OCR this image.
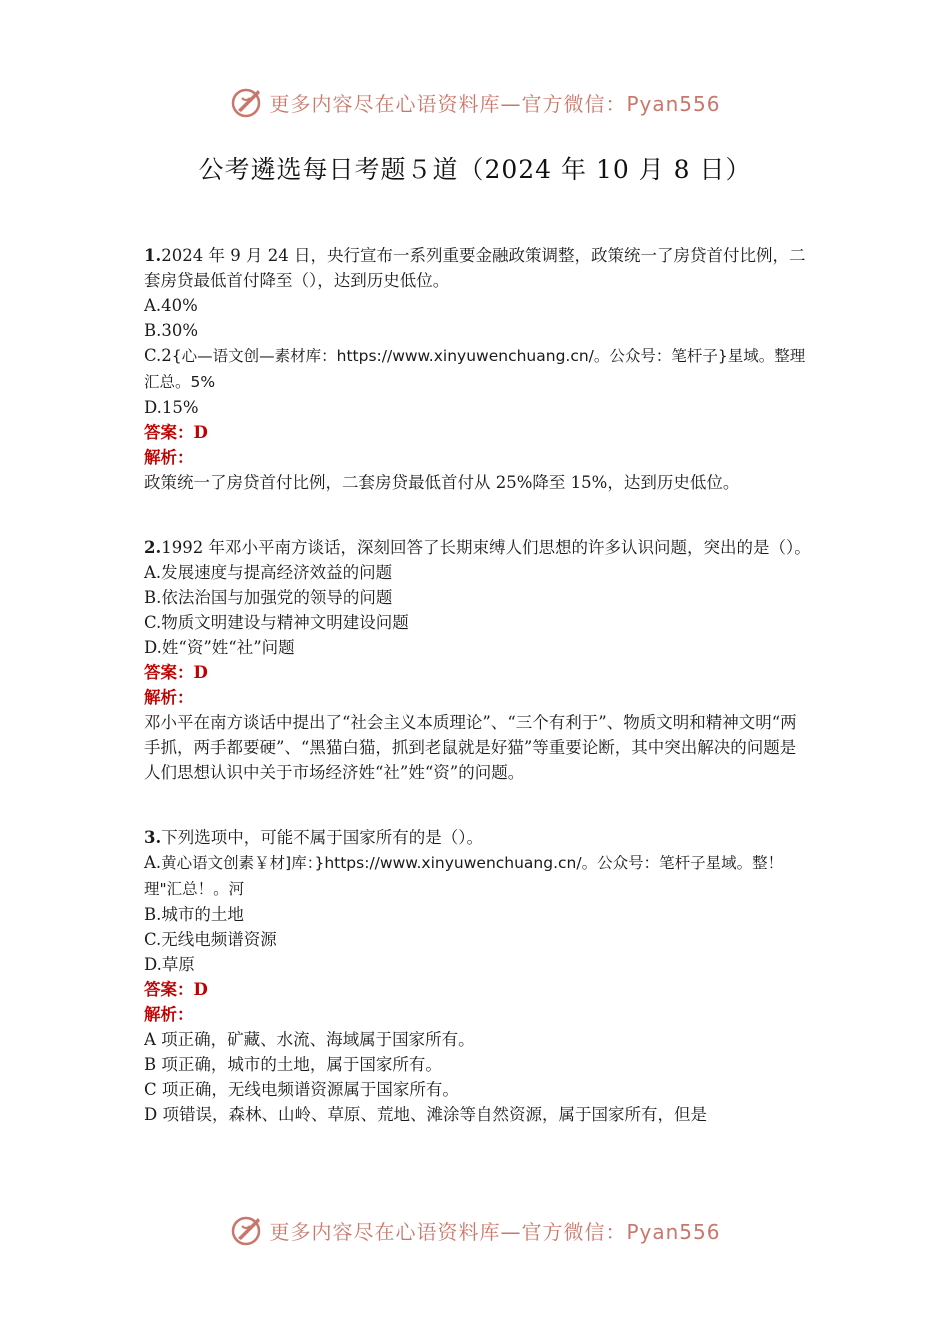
更多内容尽在心语资料库—官方微信：Pyan556
公考遴选每日考题５道（2024 年 10 月 8 日）

1.2024 年 9 月 24 日，央行宣布一系列重要金融政策调整，政策统一了房贷首付比例，二套房贷最低首付降至（），达到历史低位。

A.40%

B.30%

C.2{心—语文创—素材库：https://www.xinyuwenchuang.cn/。公众号：笔杆子}星域。整理汇总。5%

D.15%

答案：D

解析：

政策统一了房贷首付比例，二套房贷最低首付从 25%降至 15%，达到历史低位。

2.1992 年邓小平南方谈话，深刻回答了长期束缚人们思想的许多认识问题，突出的是（）。

A.发展速度与提高经济效益的问题

B.依法治国与加强党的领导的问题

C.物质文明建设与精神文明建设问题

D.姓“资”姓“社”问题

答案：D

解析：

邓小平在南方谈话中提出了“社会主义本质理论”、“三个有利于”、物质文明和精神文明“两手抓，两手都要硬”、“黑猫白猫，抓到老鼠就是好猫”等重要论断，其中突出解决的问题是人们思想认识中关于市场经济姓“社”姓“资”的问题。

3.下列选项中，可能不属于国家所有的是（）。

A.黄心语文创素￥材]库：}https://www.xinyuwenchuang.cn/。公众号：笔杆子星域。整！理"汇总！。河

B.城市的土地

C.无线电频谱资源

D.草原

答案：D

解析：

A 项正确，矿藏、水流、海域属于国家所有。

B 项正确，城市的土地，属于国家所有。

C 项正确，无线电频谱资源属于国家所有。

D 项错误，森林、山岭、草原、荒地、滩涂等自然资源，属于国家所有，但是

更多内容尽在心语资料库—官方微信：Pyan556
